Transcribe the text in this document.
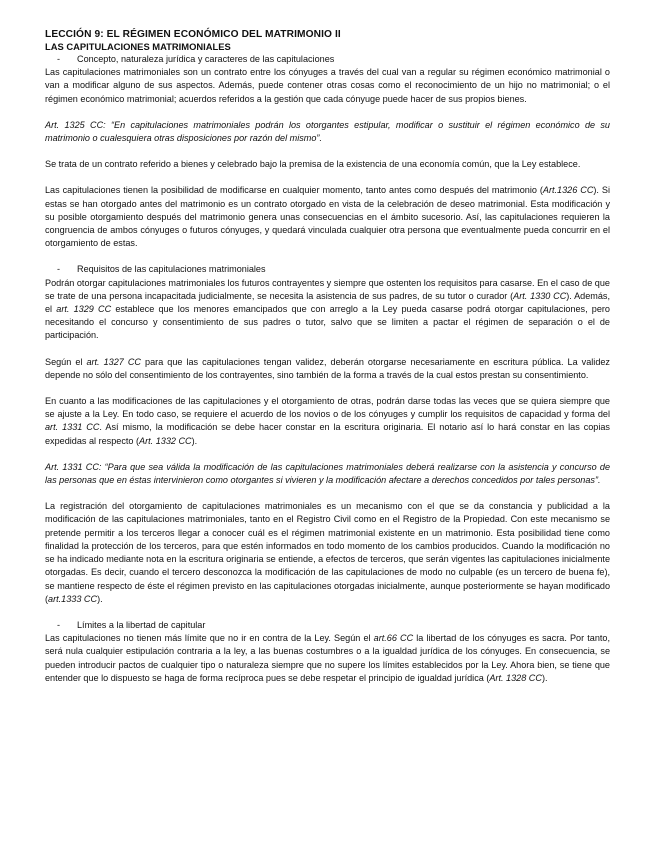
LECCIÓN 9: EL RÉGIMEN ECONÓMICO DEL MATRIMONIO II
LAS CAPITULACIONES MATRIMONIALES

- Concepto, naturaleza jurídica y caracteres de las capitulaciones

Las capitulaciones matrimoniales son un contrato entre los cónyuges a través del cual van a regular su régimen económico matrimonial o van a modificar alguno de sus aspectos. Además, puede contener otras cosas como el reconocimiento de un hijo no matrimonial; o el régimen económico matrimonial; acuerdos referidos a la gestión que cada cónyuge puede hacer de sus propios bienes.

Art. 1325 CC: “En capitulaciones matrimoniales podrán los otorgantes estipular, modificar o sustituir el régimen económico de su matrimonio o cualesquiera otras disposiciones por razón del mismo”.

Se trata de un contrato referido a bienes y celebrado bajo la premisa de la existencia de una economía común, que la Ley establece.

Las capitulaciones tienen la posibilidad de modificarse en cualquier momento, tanto antes como después del matrimonio (Art.1326 CC). Si estas se han otorgado antes del matrimonio es un contrato otorgado en vista de la celebración de deseo matrimonial. Esta modificación y su posible otorgamiento después del matrimonio genera unas consecuencias en el ámbito sucesorio. Así, las capitulaciones requieren la congruencia de ambos cónyuges o futuros cónyuges, y quedará vinculada cualquier otra persona que eventualmente pueda concurrir en el otorgamiento de estas.

- Requisitos de las capitulaciones matrimoniales

Podrán otorgar capitulaciones matrimoniales los futuros contrayentes y siempre que ostenten los requisitos para casarse. En el caso de que se trate de una persona incapacitada judicialmente, se necesita la asistencia de sus padres, de su tutor o curador (Art. 1330 CC). Además, el art. 1329 CC establece que los menores emancipados que con arreglo a la Ley pueda casarse podrá otorgar capitulaciones, pero necesitando el concurso y consentimiento de sus padres o tutor, salvo que se limiten a pactar el régimen de separación o el de participación.

Según el art. 1327 CC para que las capitulaciones tengan validez, deberán otorgarse necesariamente en escritura pública. La validez depende no sólo del consentimiento de los contrayentes, sino también de la forma a través de la cual estos prestan su consentimiento.

En cuanto a las modificaciones de las capitulaciones y el otorgamiento de otras, podrán darse todas las veces que se quiera siempre que se ajuste a la Ley. En todo caso, se requiere el acuerdo de los novios o de los cónyuges y cumplir los requisitos de capacidad y forma del art. 1331 CC. Así mismo, la modificación se debe hacer constar en la escritura originaria. El notario así lo hará constar en las copias expedidas al respecto (Art. 1332 CC).

Art. 1331 CC: “Para que sea válida la modificación de las capitulaciones matrimoniales deberá realizarse con la asistencia y concurso de las personas que en éstas intervinieron como otorgantes si vivieren y la modificación afectare a derechos concedidos por tales personas”.

La registración del otorgamiento de capitulaciones matrimoniales es un mecanismo con el que se da constancia y publicidad a la modificación de las capitulaciones matrimoniales, tanto en el Registro Civil como en el Registro de la Propiedad. Con este mecanismo se pretende permitir a los terceros llegar a conocer cuál es el régimen matrimonial existente en un matrimonio. Esta posibilidad tiene como finalidad la protección de los terceros, para que estén informados en todo momento de los cambios producidos. Cuando la modificación no se ha indicado mediante nota en la escritura originaria se entiende, a efectos de terceros, que serán vigentes las capitulaciones inicialmente otorgadas. Es decir, cuando el tercero desconozca la modificación de las capitulaciones de modo no culpable (es un tercero de buena fe), se mantiene respecto de éste el régimen previsto en las capitulaciones otorgadas inicialmente, aunque posteriormente se hayan modificado (art.1333 CC).

- Límites a la libertad de capitular

Las capitulaciones no tienen más límite que no ir en contra de la Ley. Según el art.66 CC la libertad de los cónyuges es sacra. Por tanto, será nula cualquier estipulación contraria a la ley, a las buenas costumbres o a la igualdad jurídica de los cónyuges. En consecuencia, se pueden introducir pactos de cualquier tipo o naturaleza siempre que no supere los límites establecidos por la Ley. Ahora bien, se tiene que entender que lo dispuesto se haga de forma recíproca pues se debe respetar el principio de igualdad jurídica (Art. 1328 CC).
